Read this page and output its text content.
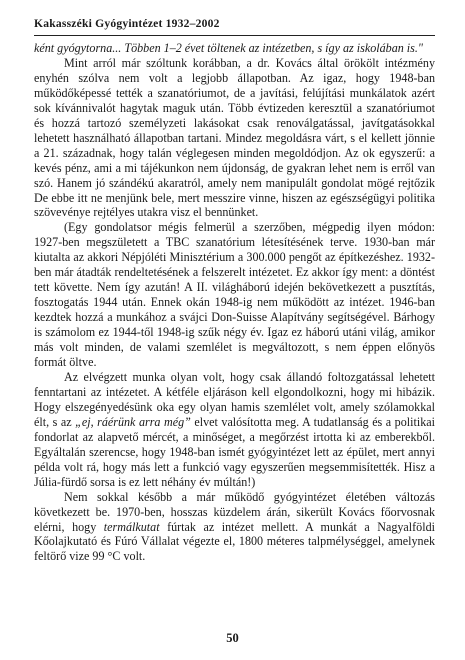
Kakasszéki Gyógyintézet 1932–2002

ként gyógytorna... Többen 1–2 évet töltenek az intézetben, s így az iskolában is."

Mint arról már szóltunk korábban, a dr. Kovács által örökölt intézmény enyhén szólva nem volt a legjobb állapotban. Az igaz, hogy 1948-ban működőképessé tették a szanatóriumot, de a javítási, felújítási munkálatok azért sok kívánnivalót hagytak maguk után. Több évtizeden keresztül a szanatóriumot és hozzá tartozó személyzeti lakásokat csak renoválgatással, javítgatásokkal lehetett használható állapotban tartani. Mindez megoldásra várt, s el kellett jönnie a 21. századnak, hogy talán véglegesen minden megoldódjon. Az ok egyszerű: a kevés pénz, ami a mi tájékunkon nem újdonság, de gyakran lehet nem is erről van szó. Hanem jó szándékú akaratról, amely nem manipulált gondolat mögé rejtőzik De ebbe itt ne menjünk bele, mert messzire vinne, hiszen az egészségügyi politika szövevénye rejtélyes utakra visz el bennünket.

(Egy gondolatsor mégis felmerül a szerzőben, mégpedig ilyen módon: 1927-ben megszületett a TBC szanatórium létesítésének terve. 1930-ban már kiutalta az akkori Népjóléti Minisztérium a 300.000 pengőt az építkezéshez. 1932-ben már átadták rendeltetésének a felszerelt intézetet. Ez akkor így ment: a döntést tett követte. Nem így azután! A II. világháború idején bekövetkezett a pusztítás, fosztogatás 1944 után. Ennek okán 1948-ig nem működött az intézet. 1946-ban kezdtek hozzá a munkához a svájci Don-Suisse Alapítvány segítségével. Bárhogy is számolom ez 1944-től 1948-ig szűk négy év. Igaz ez háború utáni világ, amikor más volt minden, de valami szemlélet is megváltozott, s nem éppen előnyös formát öltve.

Az elvégzett munka olyan volt, hogy csak állandó foltozgatással lehetett fenntartani az intézetet. A kétféle eljáráson kell elgondolkozni, hogy mi hibázik. Hogy elszegényedésünk oka egy olyan hamis szemlélet volt, amely szólamokkal élt, s az „ej, ráérünk arra még” elvet valósította meg. A tudatlanság és a politikai fondorlat az alapvető mércét, a minőséget, a megőrzést irtotta ki az emberekből. Egyáltalán szerencse, hogy 1948-ban ismét gyógyintézet lett az épület, mert annyi példa volt rá, hogy más lett a funkció vagy egyszerűen megsemmisítették. Hisz a Júlia-fürdő sorsa is ez lett néhány év múltán!)

Nem sokkal később a már működő gyógyintézet életében változás következett be. 1970-ben, hosszas küzdelem árán, sikerült Kovács főorvosnak elérni, hogy termálkutat fúrtak az intézet mellett. A munkát a Nagyalföldi Kőolajkutató és Fúró Vállalat végezte el, 1800 méteres talpmélységgel, amelynek feltörő vize 99 °C volt.

50
